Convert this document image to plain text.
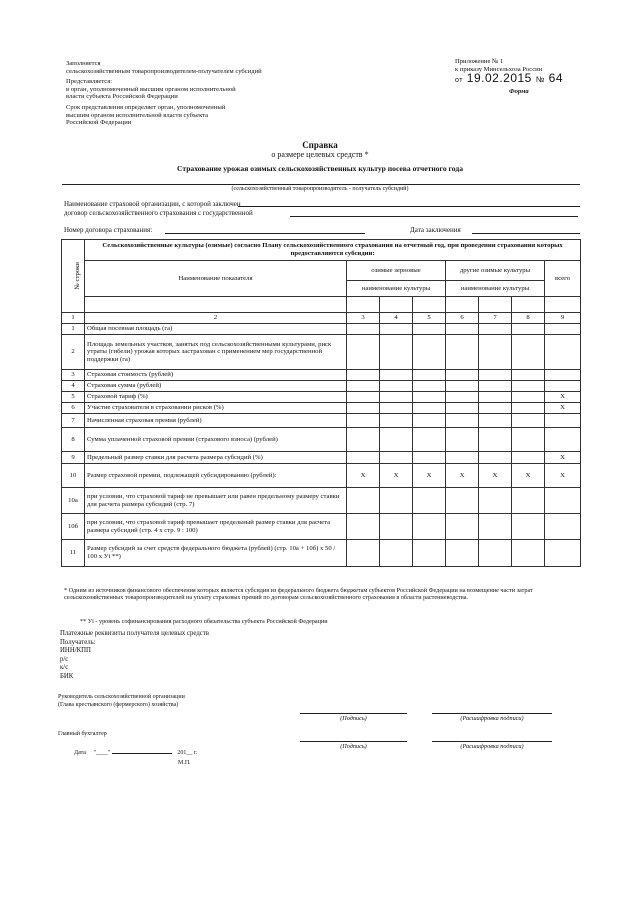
Заполняется
сельскохозяйственным товаропроизводителем-получателем субсидий

Представляется:
в орган, уполномоченный высшим органом исполнительной
власти субъекта Российской Федерации

Срок представления определяет орган, уполномоченный
высшим органом исполнительной власти субъекта
Российской Федерации

Приложение № 1
к приказу Минсельхоза России
от 19.02.2015 № 64
Форма
Справка
о размере целевых средств *
Страхование урожая озимых сельскохозяйственных культур посева отчетного года
(сельскохозяйственный товаропроизводитель - получатель субсидий)
Наименование страховой организации, с которой заключен
договор сельскохозяйственного страхования с государственной
Номер договора страхования:	Дата заключения
№ строки	Сельскохозяйственные культуры (озимые) согласно Плану сельскохозяйственного страхования на отчетный год, при проведении страхования которых предоставляются субсидии:							
	Наименование показателя	озимые зерновые			другие озимые культуры			всего
		наименование культуры			наименование культуры			

1	2	3	4	5	6	7	8	9
1	Общая посевная площадь (га)							
2	Площадь земельных участков, занятых под сельскохозяйственными культурами, риск утраты (гибели) урожая которых застрахован с применением мер государственной поддержки (га)							
3	Страховая стоимость (рублей)							
4	Страховая сумма (рублей)							
5	Страховой тариф (%)							X
6	Участие страхователя в страховании рисков (%)							X
7	Начисленная страховая премия (рублей)							
8	Сумма уплаченной страховой премии (страхового взноса) (рублей)							
9	Предельный размер ставки для расчета размера субсидий (%)							X
10	Размер страховой премии, подлежащей субсидированию (рублей):	X	X	X	X	X	X	X
10а	при условии, что страховой тариф не превышает или равен предельному размеру ставки для расчета размера субсидий (стр. 7)							
10б	при условии, что страховой тариф превышает предельный размер ставки для расчета размера субсидий (стр. 4 х стр. 9 : 100)							
11	Размер субсидий за счет средств федерального бюджета (рублей) (стр. 10а + 10б) х 50 / 100 х Уi **)							
* Одним из источников финансового обеспечения которых является субсидия из федерального бюджета бюджетам субъектов Российской Федерации на возмещение части затрат сельскохозяйственных товаропроизводителей на уплату страховых премий по договорам сельскохозяйственного страхования в области растениеводства.
** Уi - уровень софинансирования расходного обязательства субъекта Российской Федерации
Платежные реквизиты получателя целевых средств
Получатель:
ИНН/КПП
р/с
к/с
БИК
Руководитель сельскохозяйственной организации
(Глава крестьянского (фермерского) хозяйства)
(Подпись)	(Расшифровка подписи)
Главный бухгалтер
(Подпись)	(Расшифровка подписи)
Дата "____"	201__ г.
М.П.
